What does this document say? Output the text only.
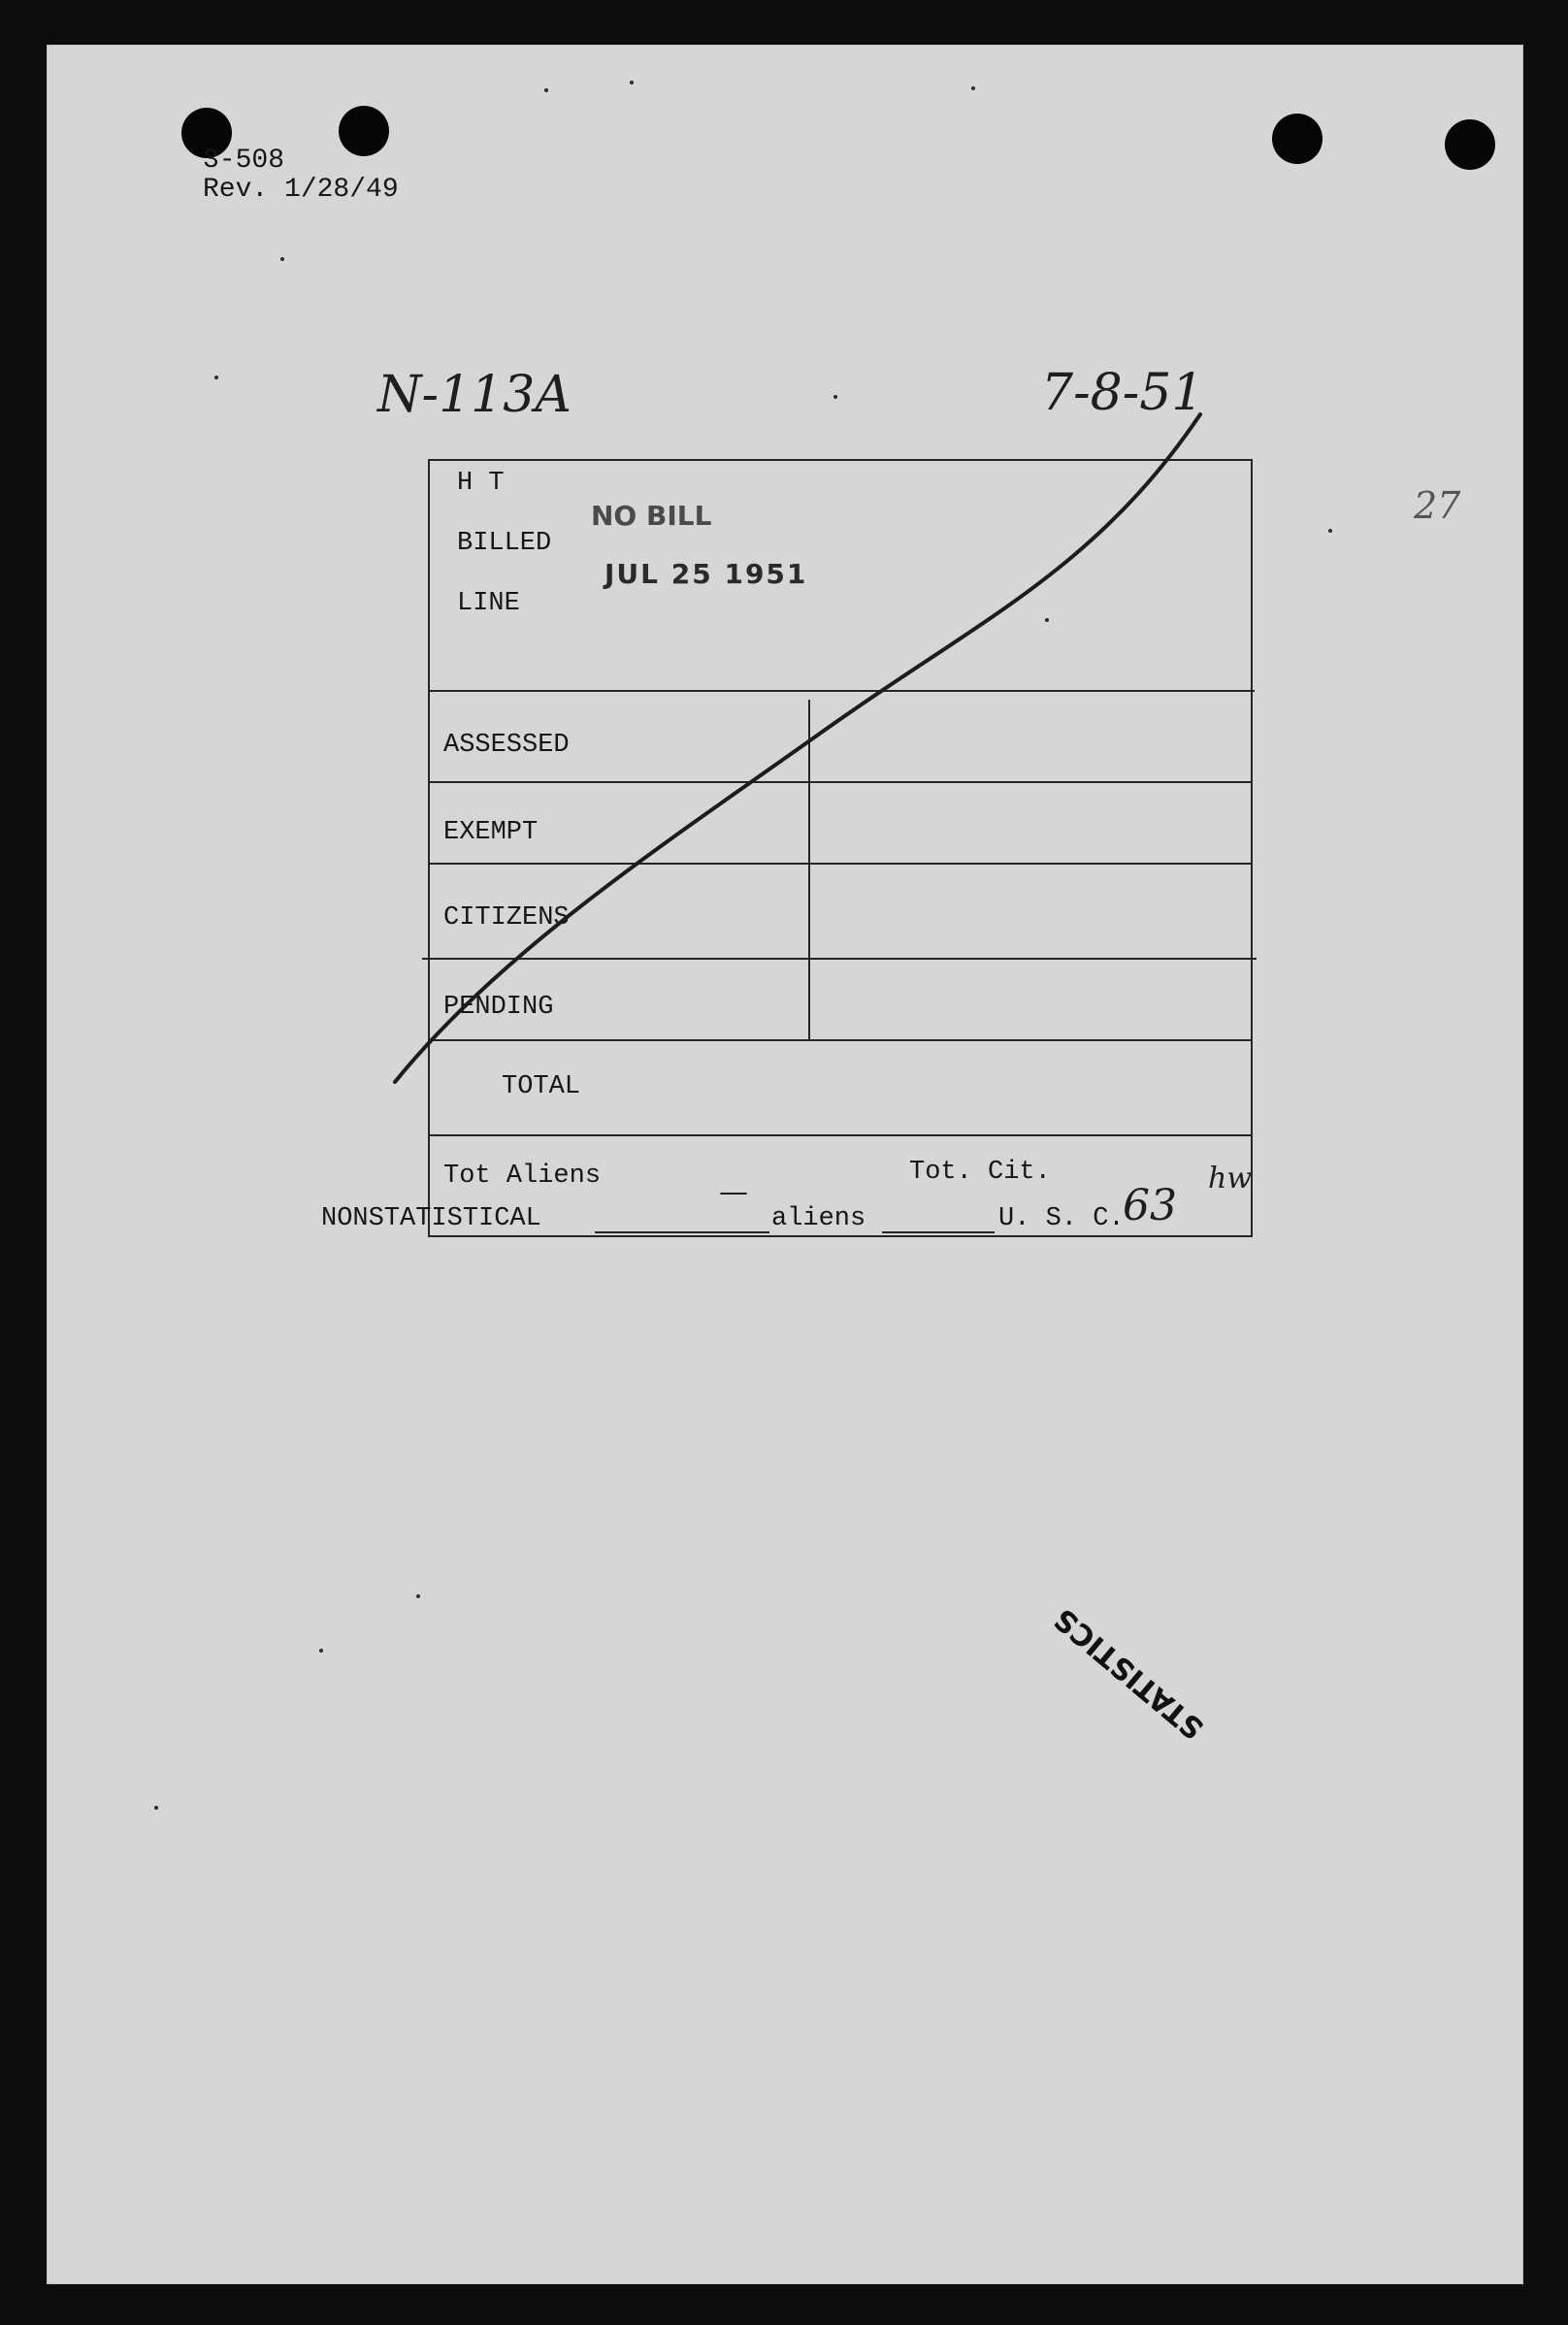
3-508
Rev. 1/28/49
27
N-113A	7-8-51
H T
BILLED
LINE
NO BILL
JUL 25 1951
ASSESSED
EXEMPT
CITIZENS
PENDING
TOTAL
Tot Aliens	Tot. Cit.
—	63
hw
NONSTATISTICAL	aliens	U. S. C.
STATISTICS
